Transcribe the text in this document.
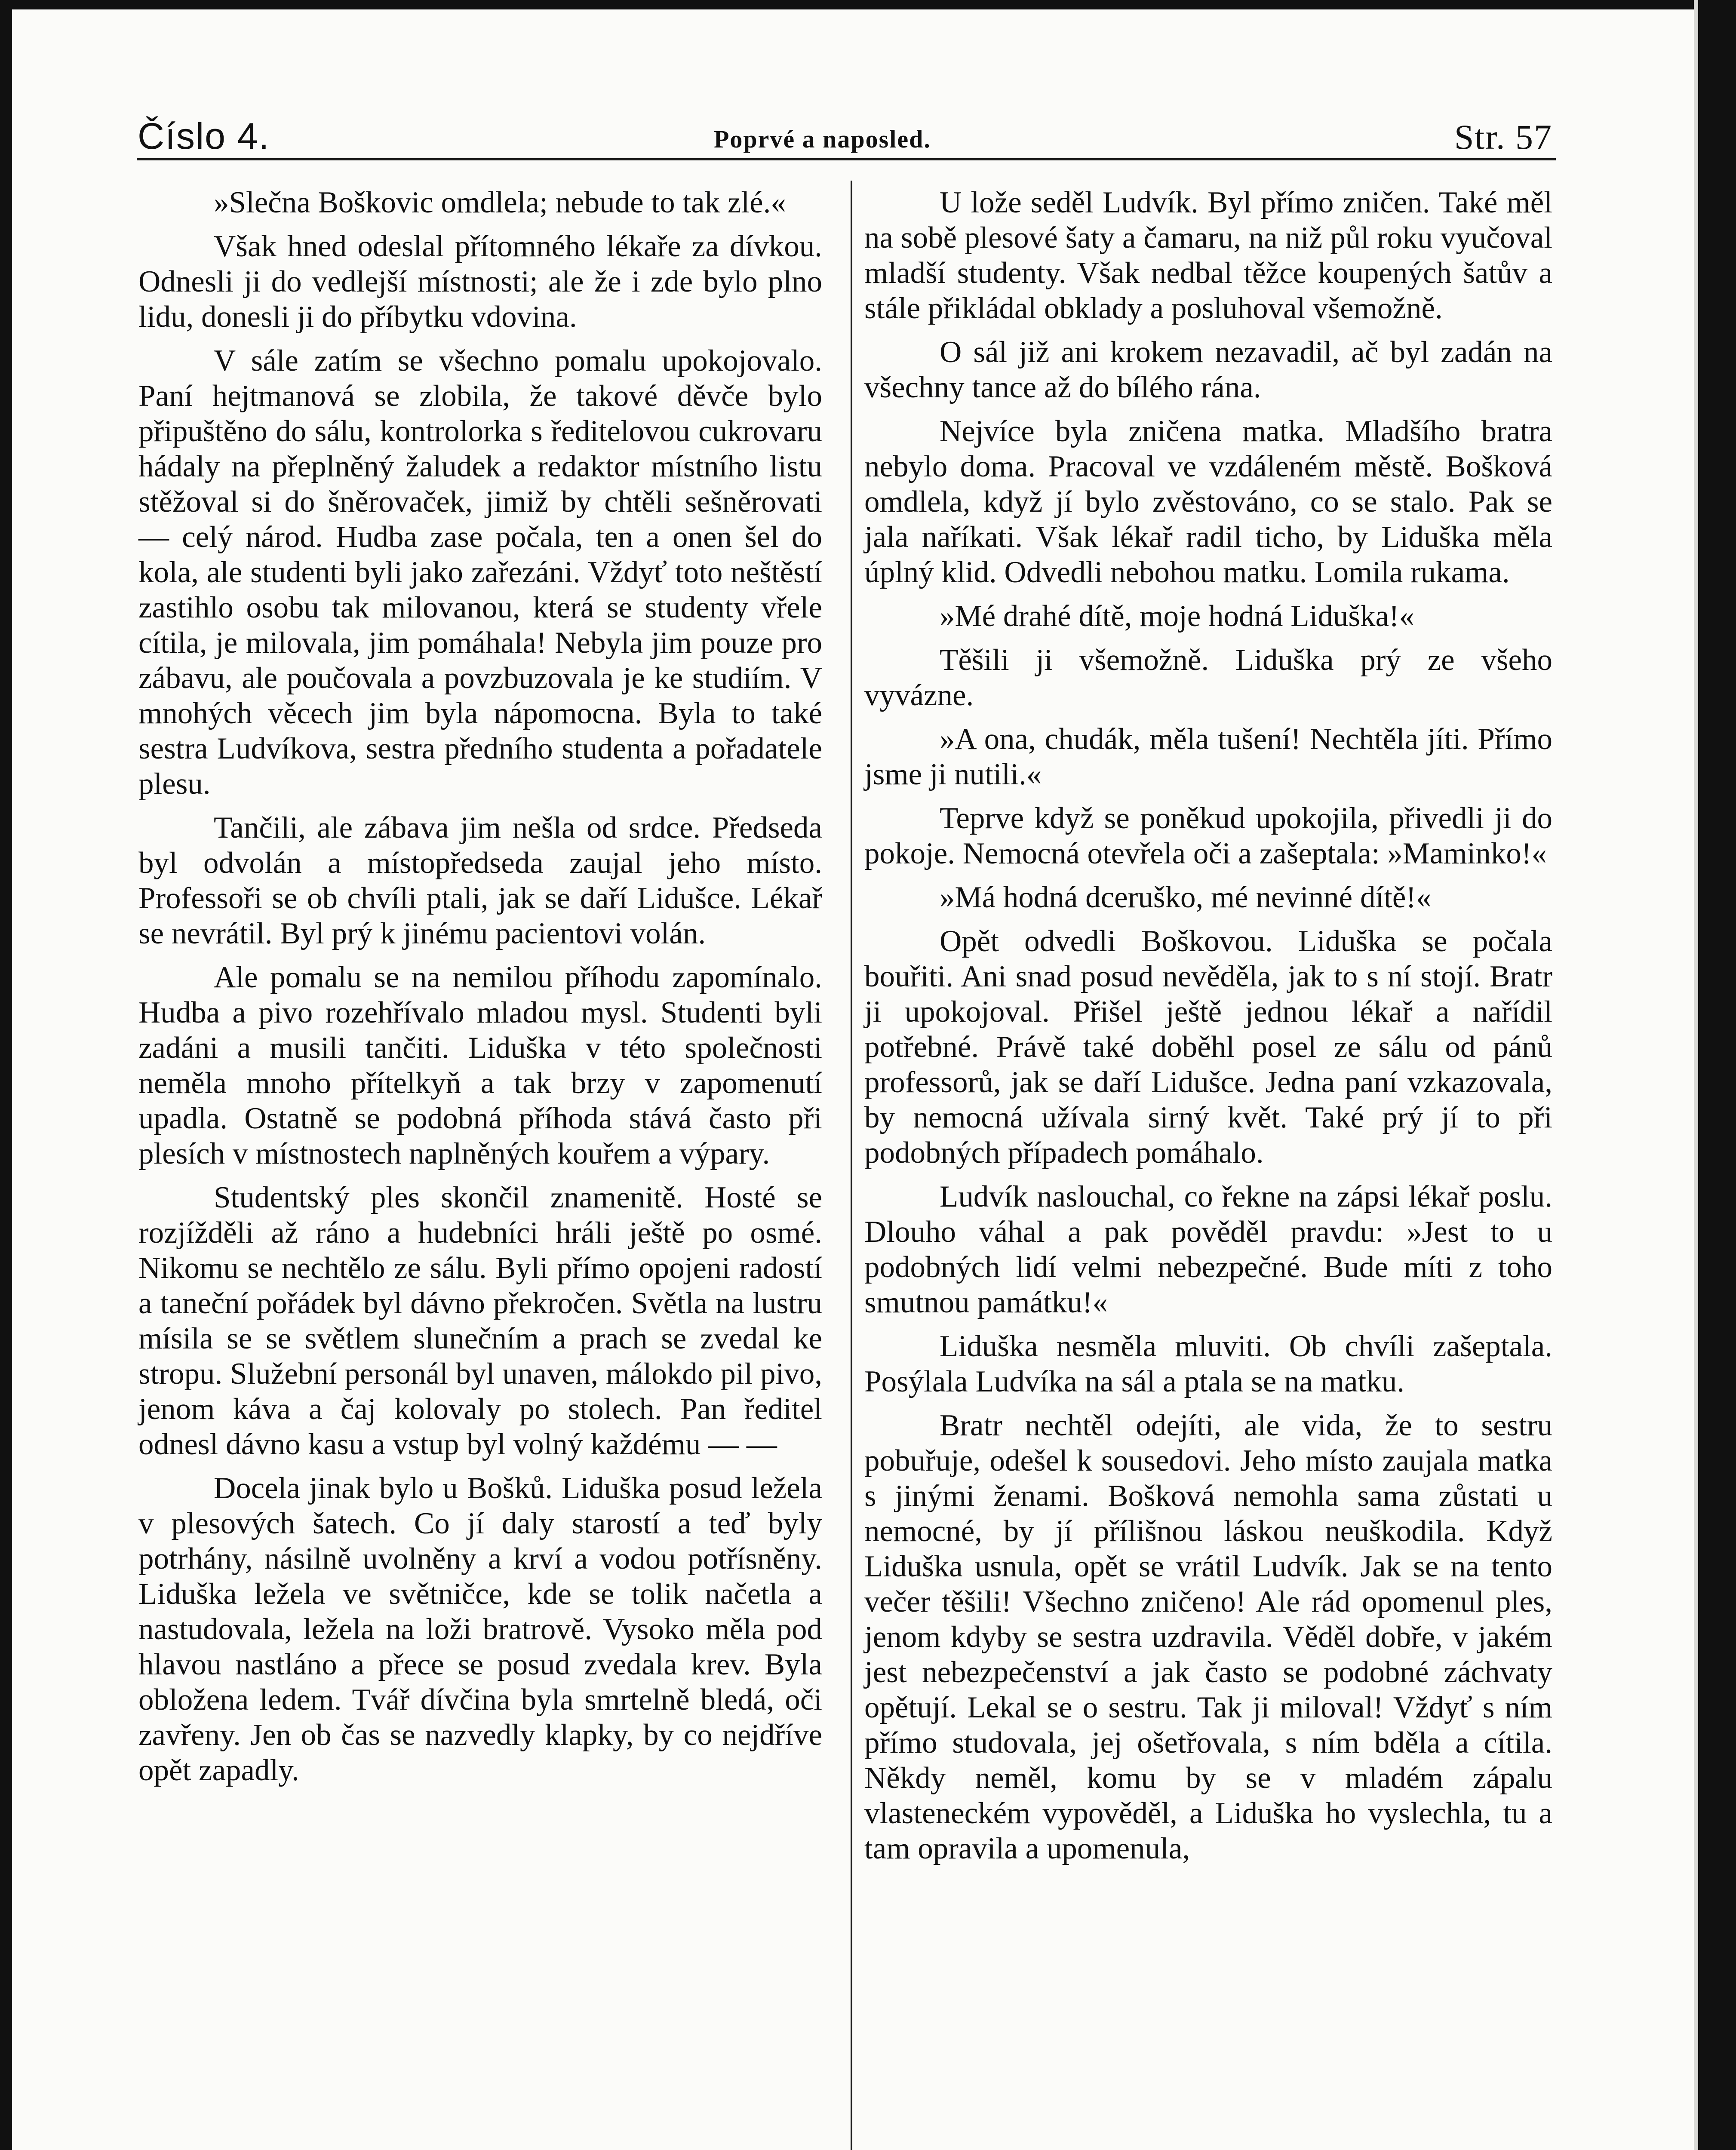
Číslo 4.	Poprvé a naposled.	Str. 57

»Slečna Boškovic omdlela; nebude to tak zlé.«

Však hned odeslal přítomného lékaře za dívkou. Odnesli ji do vedlejší místnosti; ale že i zde bylo plno lidu, donesli ji do příbytku vdovina.

V sále zatím se všechno pomalu upokojovalo. Paní hejtmanová se zlobila, že takové děvče bylo připuštěno do sálu, kontrolorka s ředitelovou cukrovaru hádaly na přeplněný žaludek a redaktor místního listu stěžoval si do šněrovaček, jimiž by chtěli sešněrovati — celý národ. Hudba zase počala, ten a onen šel do kola, ale studenti byli jako zařezáni. Vždyť toto neštěstí zastihlo osobu tak milovanou, která se studenty vřele cítila, je milovala, jim pomáhala! Nebyla jim pouze pro zábavu, ale poučovala a povzbuzovala je ke studiím. V mnohých věcech jim byla nápomocna. Byla to také sestra Ludvíkova, sestra předního studenta a pořadatele plesu.

Tančili, ale zábava jim nešla od srdce. Předseda byl odvolán a místopředseda zaujal jeho místo. Professoři se ob chvíli ptali, jak se daří Lidušce. Lékař se nevrátil. Byl prý k jinému pacientovi volán.

Ale pomalu se na nemilou příhodu zapomínalo. Hudba a pivo rozehřívalo mladou mysl. Studenti byli zadáni a musili tančiti. Liduška v této společnosti neměla mnoho přítelkyň a tak brzy v zapomenutí upadla. Ostatně se podobná příhoda stává často při plesích v místnostech naplněných kouřem a výpary.

Studentský ples skončil znamenitě. Hosté se rozjížděli až ráno a hudebníci hráli ještě po osmé. Nikomu se nechtělo ze sálu. Byli přímo opojeni radostí a taneční pořádek byl dávno překročen. Světla na lustru mísila se se světlem slunečním a prach se zvedal ke stropu. Služební personál byl unaven, málokdo pil pivo, jenom káva a čaj kolovaly po stolech. Pan ředitel odnesl dávno kasu a vstup byl volný každému — —

Docela jinak bylo u Bošků. Liduška posud ležela v plesových šatech. Co jí daly starostí a teď byly potrhány, násilně uvolněny a krví a vodou potřísněny. Liduška ležela ve světničce, kde se tolik načetla a nastudovala, ležela na loži bratrově. Vysoko měla pod hlavou nastláno a přece se posud zvedala krev. Byla obložena ledem. Tvář dívčina byla smrtelně bledá, oči zavřeny. Jen ob čas se nazvedly klapky, by co nejdříve opět zapadly.

U lože seděl Ludvík. Byl přímo zničen. Také měl na sobě plesové šaty a čamaru, na niž půl roku vyučoval mladší studenty. Však nedbal těžce koupených šatův a stále přikládal obklady a posluhoval všemožně.

O sál již ani krokem nezavadil, ač byl zadán na všechny tance až do bílého rána.

Nejvíce byla zničena matka. Mladšího bratra nebylo doma. Pracoval ve vzdáleném městě. Bošková omdlela, když jí bylo zvěstováno, co se stalo. Pak se jala naříkati. Však lékař radil ticho, by Liduška měla úplný klid. Odvedli nebohou matku. Lomila rukama.

»Mé drahé dítě, moje hodná Liduška!«

Těšili ji všemožně. Liduška prý ze všeho vyvázne.

»A ona, chudák, měla tušení! Nechtěla jíti. Přímo jsme ji nutili.«

Teprve když se poněkud upokojila, přivedli ji do pokoje. Nemocná otevřela oči a zašeptala: »Maminko!«

»Má hodná dceruško, mé nevinné dítě!«

Opět odvedli Boškovou. Liduška se počala bouřiti. Ani snad posud nevěděla, jak to s ní stojí. Bratr ji upokojoval. Přišel ještě jednou lékař a nařídil potřebné. Právě také doběhl posel ze sálu od pánů professorů, jak se daří Lidušce. Jedna paní vzkazovala, by nemocná užívala sirný květ. Také prý jí to při podobných případech pomáhalo.

Ludvík naslouchal, co řekne na zápsi lékař poslu. Dlouho váhal a pak pověděl pravdu: »Jest to u podobných lidí velmi nebezpečné. Bude míti z toho smutnou památku!«

Liduška nesměla mluviti. Ob chvíli zašeptala. Posýlala Ludvíka na sál a ptala se na matku.

Bratr nechtěl odejíti, ale vida, že to sestru pobuřuje, odešel k sousedovi. Jeho místo zaujala matka s jinými ženami. Bošková nemohla sama zůstati u nemocné, by jí přílišnou láskou neuškodila. Když Liduška usnula, opět se vrátil Ludvík. Jak se na tento večer těšili! Všechno zničeno! Ale rád opomenul ples, jenom kdyby se sestra uzdravila. Věděl dobře, v jakém jest nebezpečenství a jak často se podobné záchvaty opětují. Lekal se o sestru. Tak ji miloval! Vždyť s ním přímo studovala, jej ošetřovala, s ním bděla a cítila. Někdy neměl, komu by se v mladém zápalu vlasteneckém vypověděl, a Liduška ho vyslechla, tu a tam opravila a upomenula,
